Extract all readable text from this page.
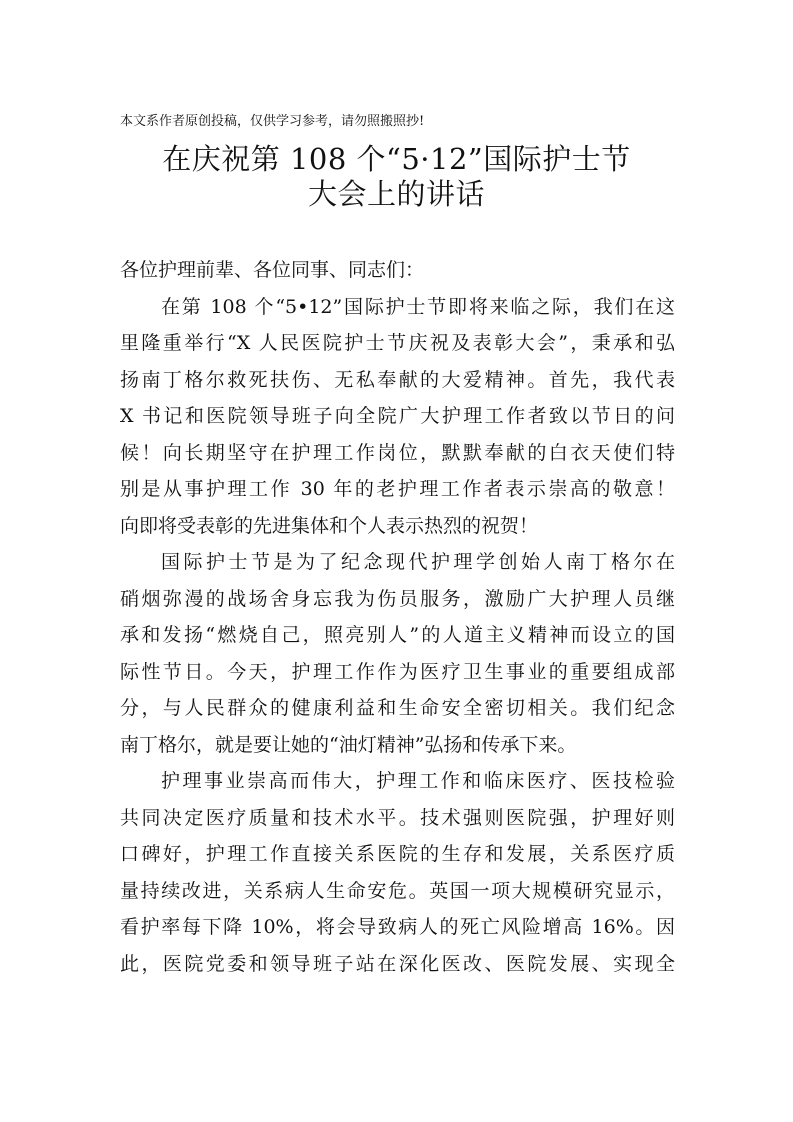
本文系作者原创投稿，仅供学习参考，请勿照搬照抄!
在庆祝第 108 个“5·12”国际护士节
大会上的讲话
各位护理前辈、各位同事、同志们：
在第 108 个“5•12”国际护士节即将来临之际，我们在这
里隆重举行“X 人民医院护士节庆祝及表彰大会”，秉承和弘
扬南丁格尔救死扶伤、无私奉献的大爱精神。首先，我代表
X 书记和医院领导班子向全院广大护理工作者致以节日的问
候！向长期坚守在护理工作岗位，默默奉献的白衣天使们特
别是从事护理工作 30 年的老护理工作者表示崇高的敬意！
向即将受表彰的先进集体和个人表示热烈的祝贺！
国际护士节是为了纪念现代护理学创始人南丁格尔在
硝烟弥漫的战场舍身忘我为伤员服务，激励广大护理人员继
承和发扬“燃烧自己，照亮别人”的人道主义精神而设立的国
际性节日。今天，护理工作作为医疗卫生事业的重要组成部
分，与人民群众的健康利益和生命安全密切相关。我们纪念
南丁格尔，就是要让她的“油灯精神”弘扬和传承下来。
护理事业崇高而伟大，护理工作和临床医疗、医技检验
共同决定医疗质量和技术水平。技术强则医院强，护理好则
口碑好，护理工作直接关系医院的生存和发展，关系医疗质
量持续改进，关系病人生命安危。英国一项大规模研究显示，
看护率每下降 10%，将会导致病人的死亡风险增高 16%。因
此，医院党委和领导班子站在深化医改、医院发展、实现全
